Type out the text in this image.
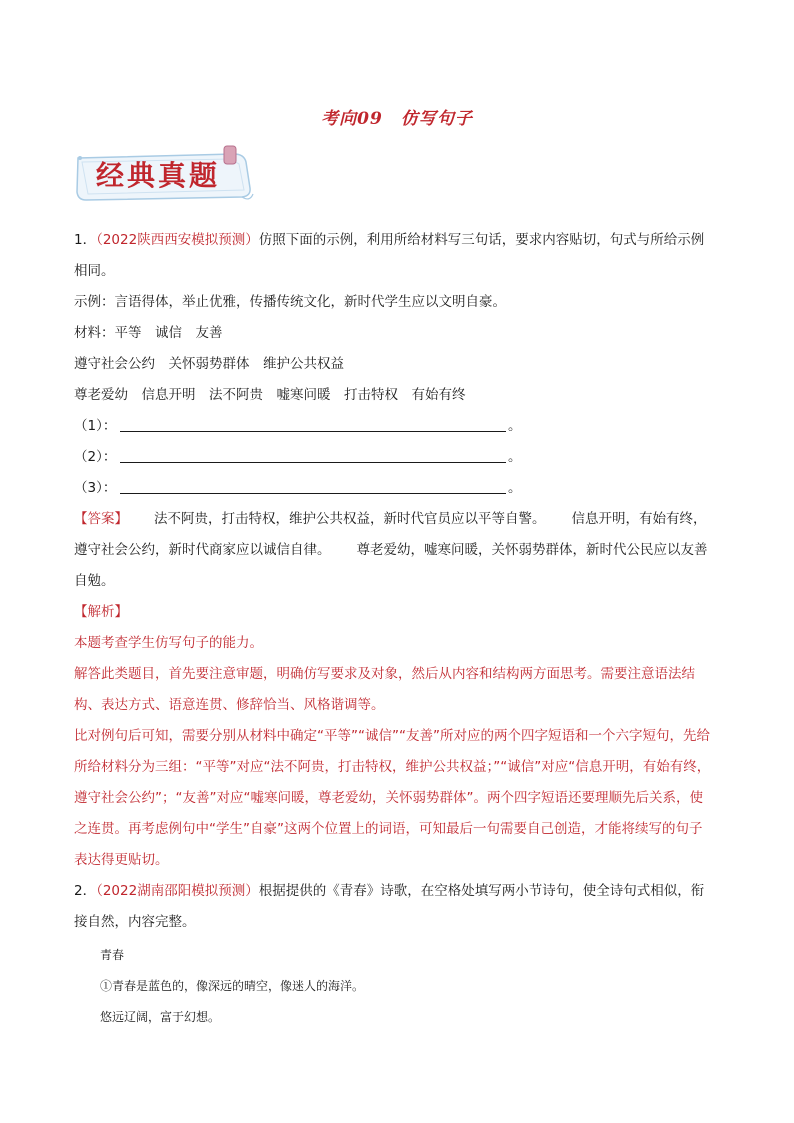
考向09　仿写句子
经典真题
1．（2022陕西西安模拟预测）仿照下面的示例，利用所给材料写三句话，要求内容贴切，句式与所给示例
相同。
示例：言语得体，举止优雅，传播传统文化，新时代学生应以文明自豪。
材料：平等　诚信　友善
遵守社会公约　关怀弱势群体　维护公共权益
尊老爱幼　信息开明　法不阿贵　嘘寒问暖　打击特权　有始有终
（1）：	。
（2）：	。
（3）：	。
【答案】 法不阿贵，打击特权，维护公共权益，新时代官员应以平等自警。 信息开明，有始有终，
遵守社会公约，新时代商家应以诚信自律。 尊老爱幼，嘘寒问暖，关怀弱势群体，新时代公民应以友善
自勉。
【解析】
本题考查学生仿写句子的能力。
解答此类题目，首先要注意审题，明确仿写要求及对象，然后从内容和结构两方面思考。需要注意语法结
构、表达方式、语意连贯、修辞恰当、风格谐调等。
比对例句后可知，需要分别从材料中确定“平等”“诚信”“友善”所对应的两个四字短语和一个六字短句，先给
所给材料分为三组：“平等”对应“法不阿贵，打击特权，维护公共权益；”“诚信”对应“信息开明，有始有终，
遵守社会公约”；“友善”对应“嘘寒问暖，尊老爱幼，关怀弱势群体”。两个四字短语还要理顺先后关系，使
之连贯。再考虑例句中“学生”自豪”这两个位置上的词语，可知最后一句需要自己创造，才能将续写的句子
表达得更贴切。
2．（2022湖南邵阳模拟预测）根据提供的《青春》诗歌，在空格处填写两小节诗句，使全诗句式相似，衔
接自然，内容完整。
青春
①青春是蓝色的，像深远的晴空，像迷人的海洋。
悠远辽阔，富于幻想。
